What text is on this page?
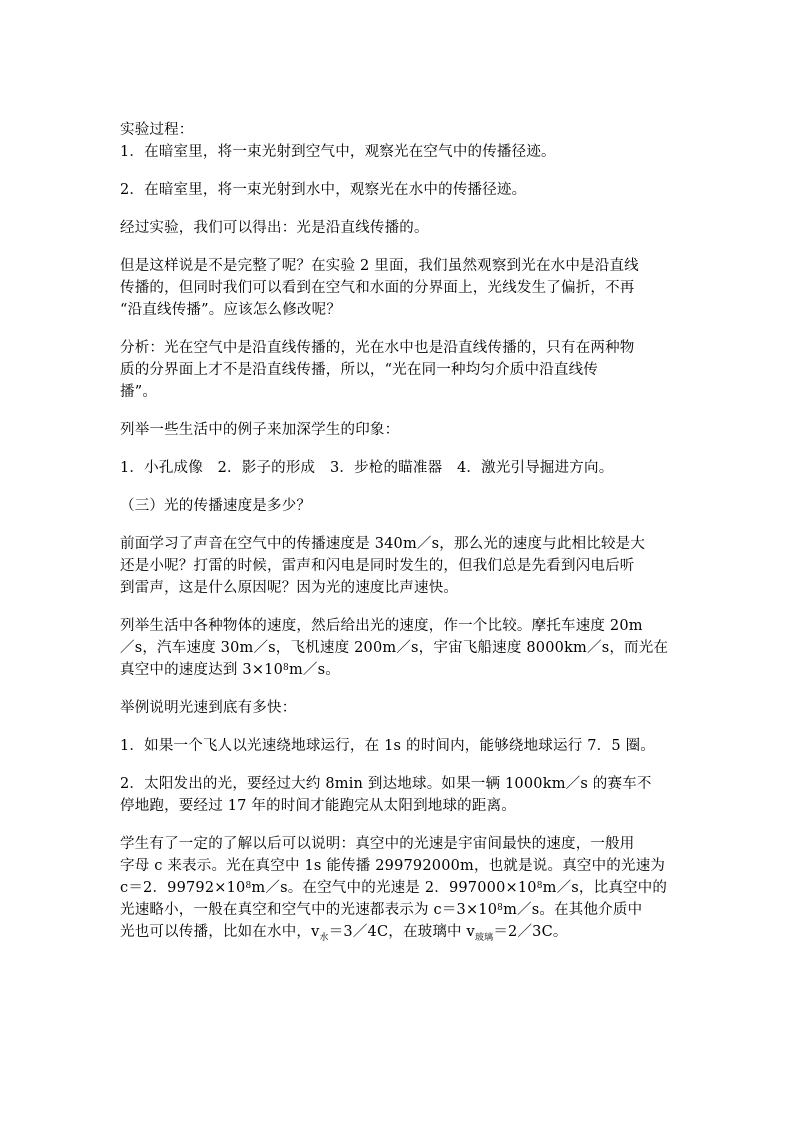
实验过程：

1．在暗室里，将一束光射到空气中，观察光在空气中的传播径迹。

2．在暗室里，将一束光射到水中，观察光在水中的传播径迹。

经过实验，我们可以得出：光是沿直线传播的。

但是这样说是不是完整了呢？在实验 2 里面，我们虽然观察到光在水中是沿直线

传播的，但同时我们可以看到在空气和水面的分界面上，光线发生了偏折，不再

“沿直线传播”。应该怎么修改呢？

分析：光在空气中是沿直线传播的，光在水中也是沿直线传播的，只有在两种物

质的分界面上才不是沿直线传播，所以，“光在同一种均匀介质中沿直线传

播”。

列举一些生活中的例子来加深学生的印象：

1．小孔成像　2．影子的形成　3．步枪的瞄准器　4．激光引导掘进方向。

（三）光的传播速度是多少？

前面学习了声音在空气中的传播速度是 340m／s，那么光的速度与此相比较是大

还是小呢？打雷的时候，雷声和闪电是同时发生的，但我们总是先看到闪电后听

到雷声，这是什么原因呢？因为光的速度比声速快。

列举生活中各种物体的速度，然后给出光的速度，作一个比较。摩托车速度 20m

／s，汽车速度 30m／s，飞机速度 200m／s，宇宙飞船速度 8000km／s，而光在

真空中的速度达到 $3\times 10^8m/s$。

举例说明光速到底有多快：

1．如果一个飞人以光速绕地球运行，在 1s 的时间内，能够绕地球运行 7．5 圈。

2．太阳发出的光，要经过大约 8min 到达地球。如果一辆 1000km／s 的赛车不

停地跑，要经过 17 年的时间才能跑完从太阳到地球的距离。

学生有了一定的了解以后可以说明：真空中的光速是宇宙间最快的速度，一般用

字母 c 来表示。光在真空中 1s 能传播 299792000m，也就是说。真空中的光速为

c＝2．$99792\times 10^8m/s$。在空气中的光速是 2．$997000\times 10^8m/s$，比真空中的

光速略小，一般在真空和空气中的光速都表示为 $c=3\times 10^8m/s$。在其他介质中

光也可以传播，比如在水中，$v_水=3/4C$，在玻璃中 $v_{玻璃}=2/3C$。
